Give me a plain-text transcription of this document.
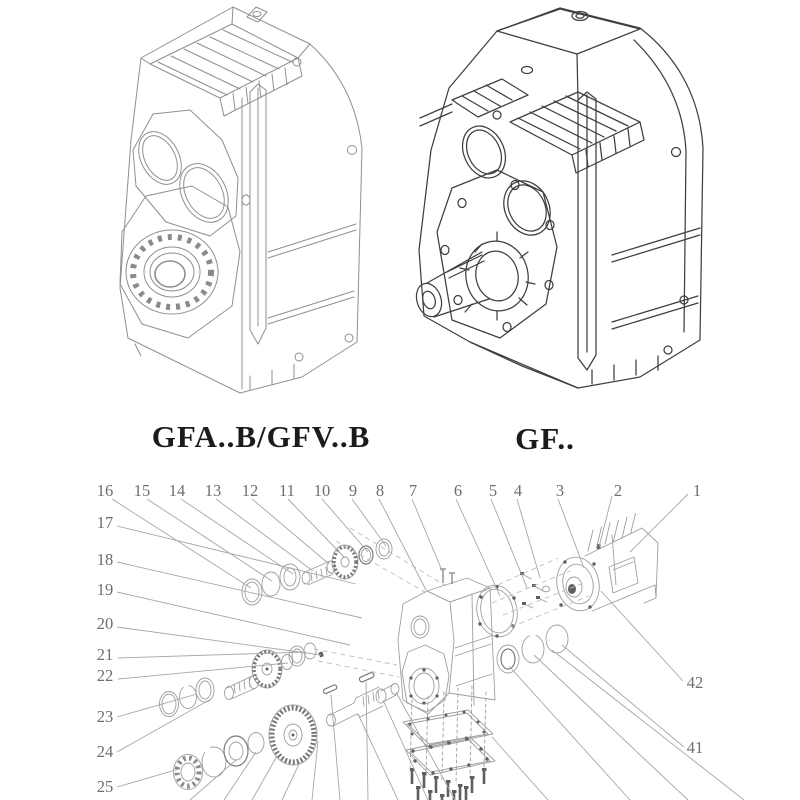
GFA..B/GFV..B	GF..
1
2
3
4
5
6
7
8
9
10
11
12
13
14
15
16
17
18
19
20
21
22
23
24
25
41
42
